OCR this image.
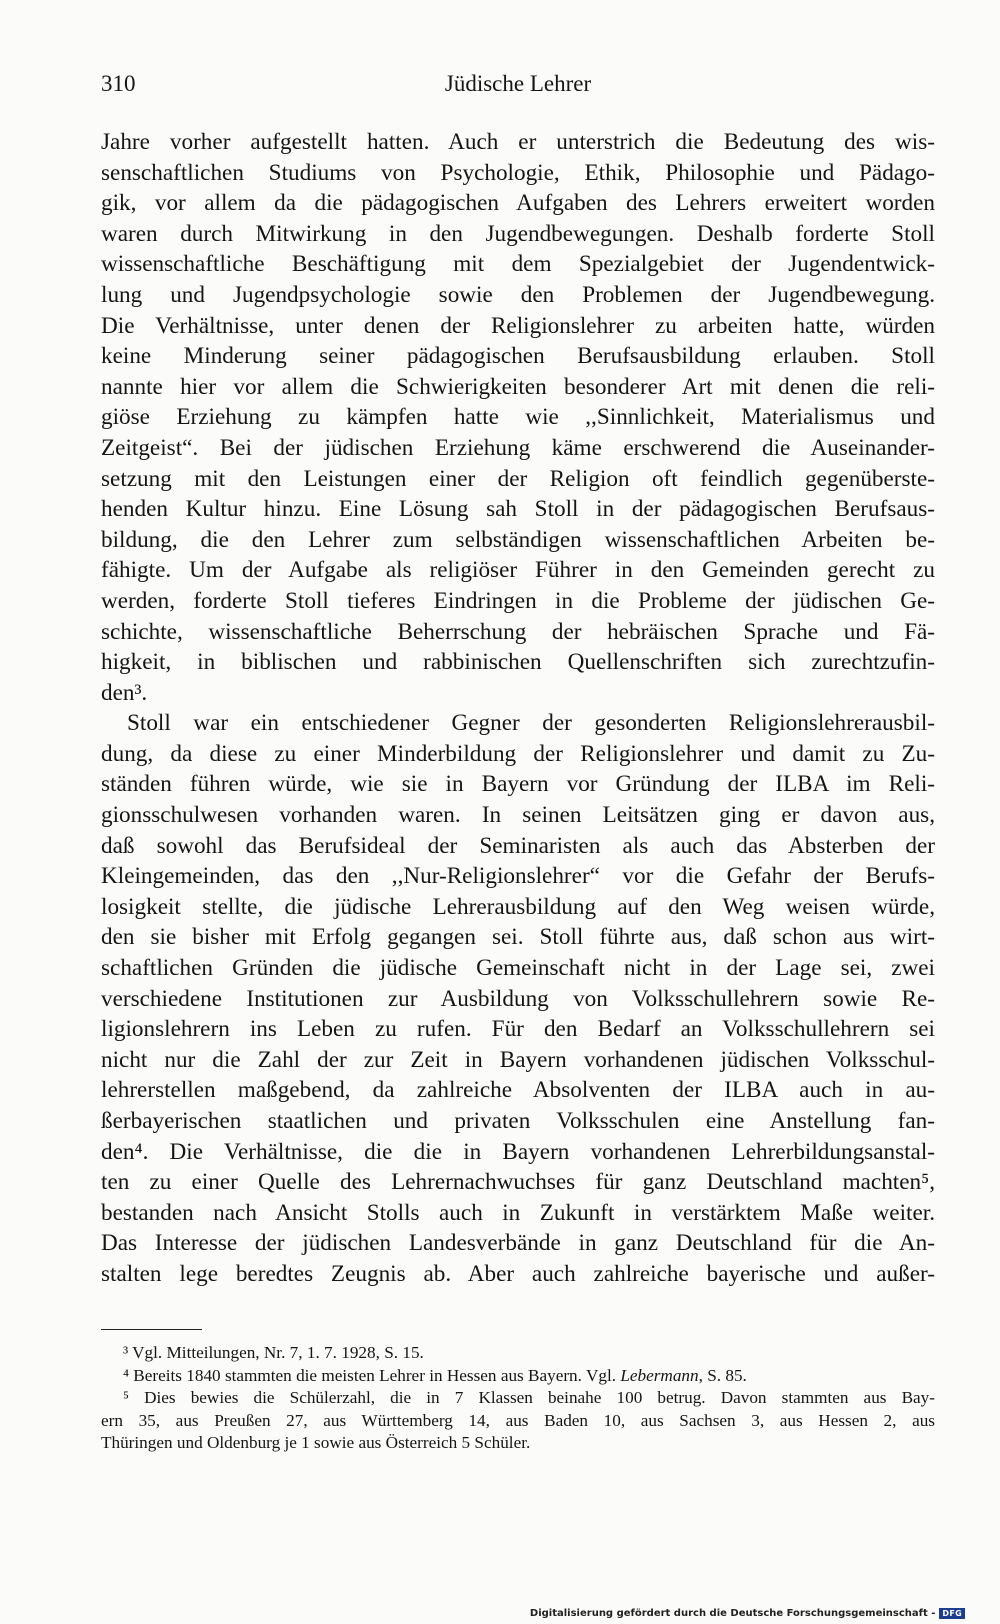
310	Jüdische Lehrer
Jahre vorher aufgestellt hatten. Auch er unterstrich die Bedeutung des wis-
senschaftlichen Studiums von Psychologie, Ethik, Philosophie und Pädago-
gik, vor allem da die pädagogischen Aufgaben des Lehrers erweitert worden
waren durch Mitwirkung in den Jugendbewegungen. Deshalb forderte Stoll
wissenschaftliche Beschäftigung mit dem Spezialgebiet der Jugendentwick-
lung und Jugendpsychologie sowie den Problemen der Jugendbewegung.
Die Verhältnisse, unter denen der Religionslehrer zu arbeiten hatte, würden
keine Minderung seiner pädagogischen Berufsausbildung erlauben. Stoll
nannte hier vor allem die Schwierigkeiten besonderer Art mit denen die reli-
giöse Erziehung zu kämpfen hatte wie ,,Sinnlichkeit, Materialismus und
Zeitgeist“. Bei der jüdischen Erziehung käme erschwerend die Auseinander-
setzung mit den Leistungen einer der Religion oft feindlich gegenüberste-
henden Kultur hinzu. Eine Lösung sah Stoll in der pädagogischen Berufsaus-
bildung, die den Lehrer zum selbständigen wissenschaftlichen Arbeiten be-
fähigte. Um der Aufgabe als religiöser Führer in den Gemeinden gerecht zu
werden, forderte Stoll tieferes Eindringen in die Probleme der jüdischen Ge-
schichte, wissenschaftliche Beherrschung der hebräischen Sprache und Fä-
higkeit, in biblischen und rabbinischen Quellenschriften sich zurechtzufin-
den³.
Stoll war ein entschiedener Gegner der gesonderten Religionslehrerausbil-
dung, da diese zu einer Minderbildung der Religionslehrer und damit zu Zu-
ständen führen würde, wie sie in Bayern vor Gründung der ILBA im Reli-
gionsschulwesen vorhanden waren. In seinen Leitsätzen ging er davon aus,
daß sowohl das Berufsideal der Seminaristen als auch das Absterben der
Kleingemeinden, das den ,,Nur-Religionslehrer“ vor die Gefahr der Berufs-
losigkeit stellte, die jüdische Lehrerausbildung auf den Weg weisen würde,
den sie bisher mit Erfolg gegangen sei. Stoll führte aus, daß schon aus wirt-
schaftlichen Gründen die jüdische Gemeinschaft nicht in der Lage sei, zwei
verschiedene Institutionen zur Ausbildung von Volksschullehrern sowie Re-
ligionslehrern ins Leben zu rufen. Für den Bedarf an Volksschullehrern sei
nicht nur die Zahl der zur Zeit in Bayern vorhandenen jüdischen Volksschul-
lehrerstellen maßgebend, da zahlreiche Absolventen der ILBA auch in au-
ßerbayerischen staatlichen und privaten Volksschulen eine Anstellung fan-
den⁴. Die Verhältnisse, die die in Bayern vorhandenen Lehrerbildungsanstal-
ten zu einer Quelle des Lehrernachwuchses für ganz Deutschland machten⁵,
bestanden nach Ansicht Stolls auch in Zukunft in verstärktem Maße weiter.
Das Interesse der jüdischen Landesverbände in ganz Deutschland für die An-
stalten lege beredtes Zeugnis ab. Aber auch zahlreiche bayerische und außer-
³ Vgl. Mitteilungen, Nr. 7, 1. 7. 1928, S. 15.
⁴ Bereits 1840 stammten die meisten Lehrer in Hessen aus Bayern. Vgl. Lebermann, S. 85.
⁵ Dies bewies die Schülerzahl, die in 7 Klassen beinahe 100 betrug. Davon stammten aus Bay-
ern 35, aus Preußen 27, aus Württemberg 14, aus Baden 10, aus Sachsen 3, aus Hessen 2, aus
Thüringen und Oldenburg je 1 sowie aus Österreich 5 Schüler.
Digitalisierung gefördert durch die Deutsche Forschungsgemeinschaft - DFG
